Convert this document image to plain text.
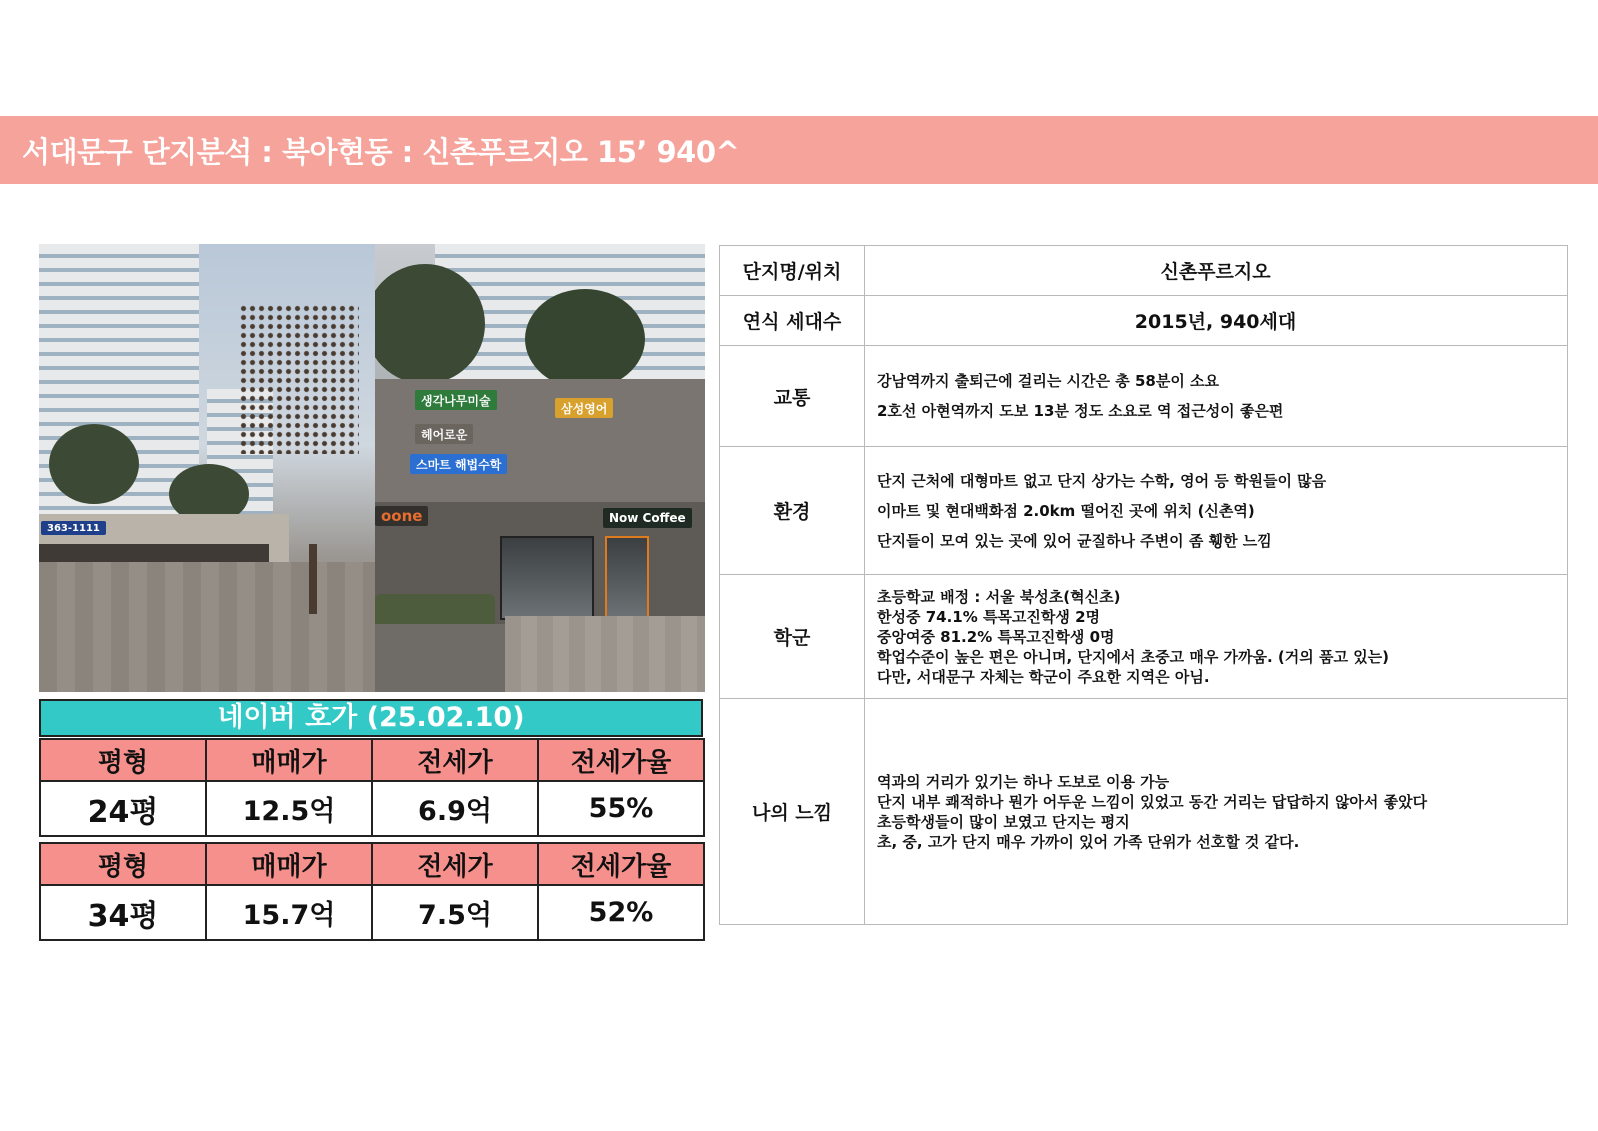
서대문구 단지분석 : 북아현동 : 신촌푸르지오 15’ 940^
363-1111
생각나무미술
삼성영어
헤어로운
스마트 해법수학
oone	Now Coffee
네이버 호가 (25.02.10)
평형	매매가	전세가	전세가율
24평	12.5억	6.9억	55%
평형	매매가	전세가	전세가율
34평	15.7억	7.5억	52%
단지명/위치	신촌푸르지오
연식 세대수	2015년, 940세대
교통	강남역까지 출퇴근에 걸리는 시간은 총 58분이 소요
2호선 아현역까지 도보 13분 정도 소요로 역 접근성이 좋은편

환경	단지 근처에 대형마트 없고 단지 상가는 수학, 영어 등 학원들이 많음
이마트 및 현대백화점 2.0km 떨어진 곳에 위치 (신촌역)
단지들이 모여 있는 곳에 있어 균질하나 주변이 좀 휑한 느낌

학군	초등학교 배정 : 서울 북성초(혁신초)
한성중 74.1% 특목고진학생 2명
중앙여중 81.2% 특목고진학생 0명
학업수준이 높은 편은 아니며, 단지에서 초중고 매우 가까움. (거의 품고 있는)
다만, 서대문구 자체는 학군이 주요한 지역은 아님.

나의 느낌	역과의 거리가 있기는 하나 도보로 이용 가능
단지 내부 쾌적하나 뭔가 어두운 느낌이 있었고 동간 거리는 답답하지 않아서 좋았다
초등학생들이 많이 보였고 단지는 평지
초, 중, 고가 단지 매우 가까이 있어 가족 단위가 선호할 것 같다.
